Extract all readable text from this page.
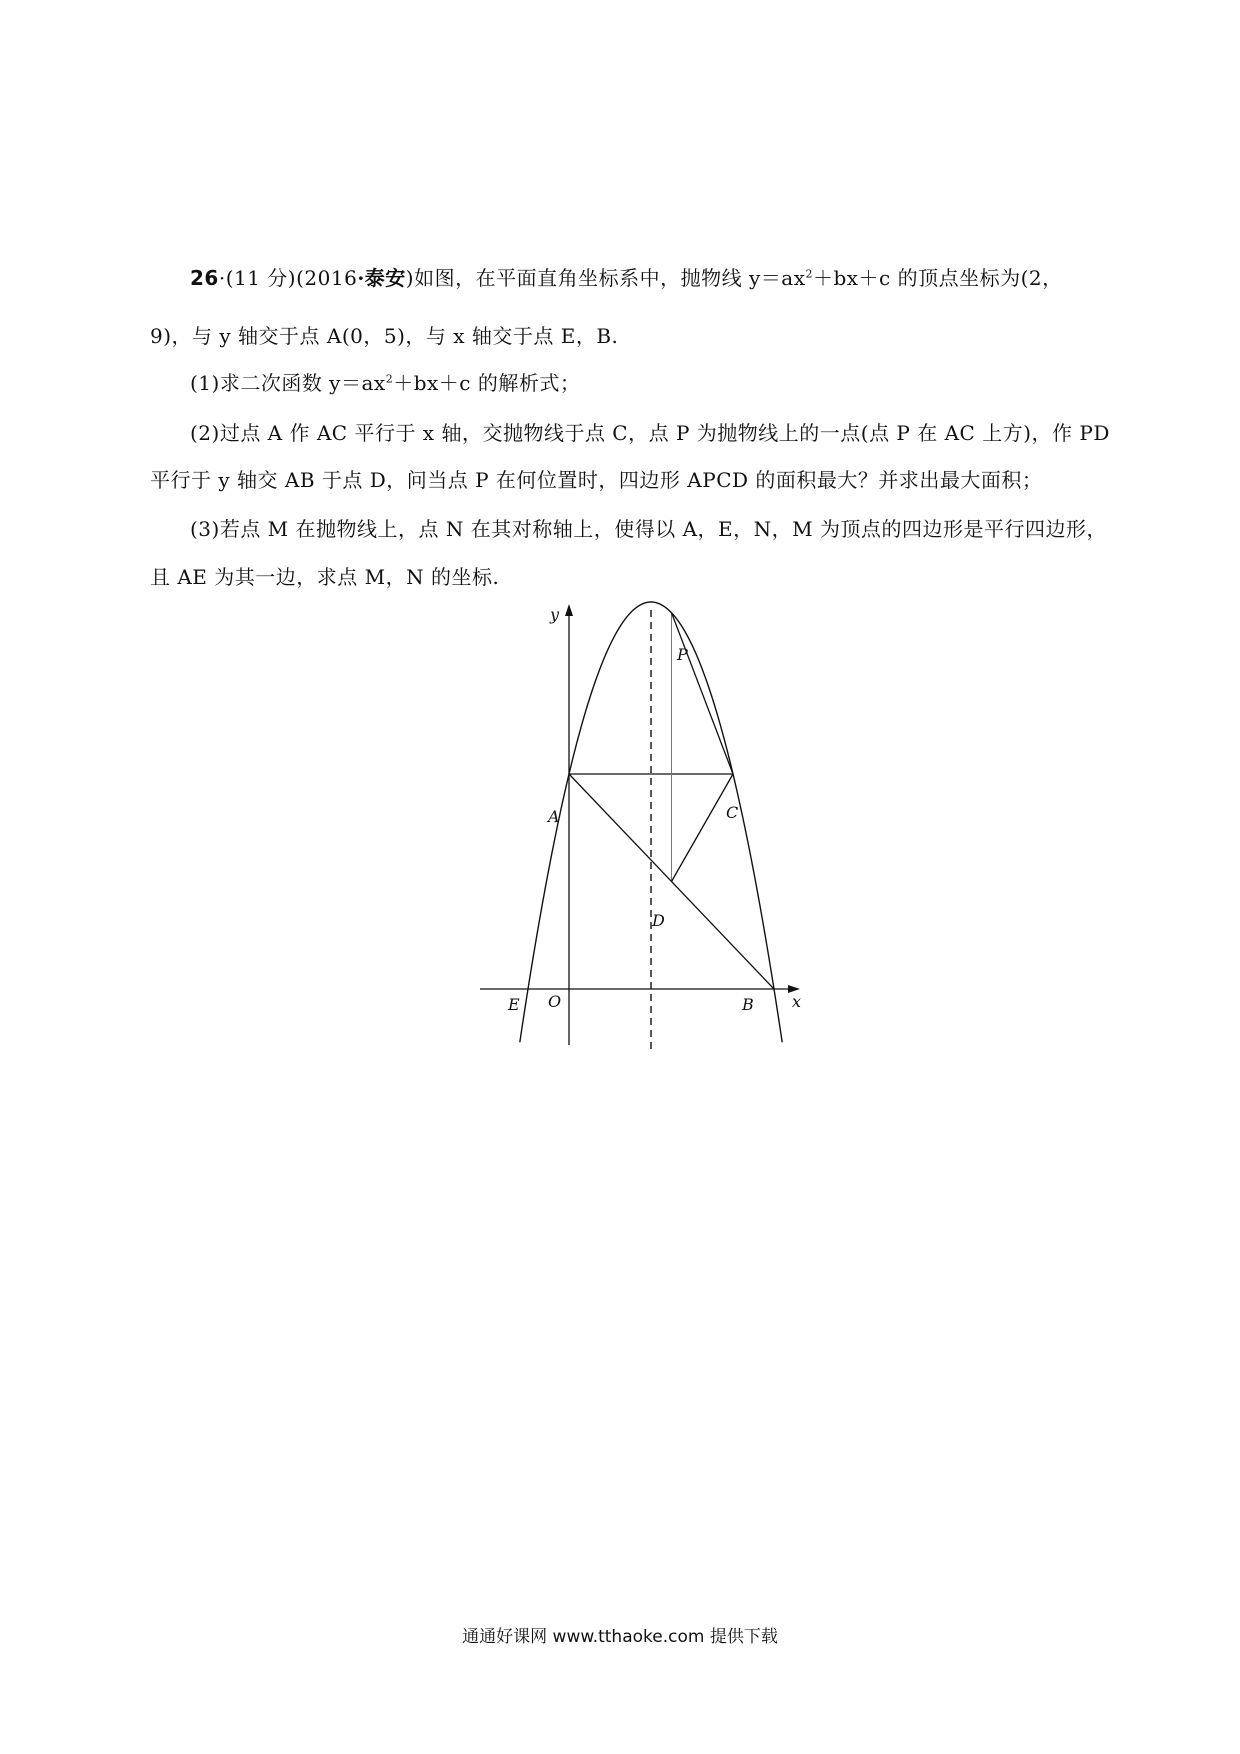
26·(11 分)(2016·泰安)如图，在平面直角坐标系中，抛物线 $y=ax^2+bx+c$ 的顶点坐标为(2，
9)，与 y 轴交于点 A(0，5)，与 x 轴交于点 E，B.
(1)求二次函数 $y=ax^2+bx+c$ 的解析式；
(2)过点 A 作 AC 平行于 x 轴，交抛物线于点 C，点 P 为抛物线上的一点(点 P 在 AC 上方)，作 PD
平行于 y 轴交 AB 于点 D，问当点 P 在何位置时，四边形 APCD 的面积最大？并求出最大面积；
(3)若点 M 在抛物线上，点 N 在其对称轴上，使得以 A，E，N，M 为顶点的四边形是平行四边形，
且 AE 为其一边，求点 M，N 的坐标.
y
x
O
E	B
A	C
P
D
通通好课网 www.tthaoke.com 提供下载
